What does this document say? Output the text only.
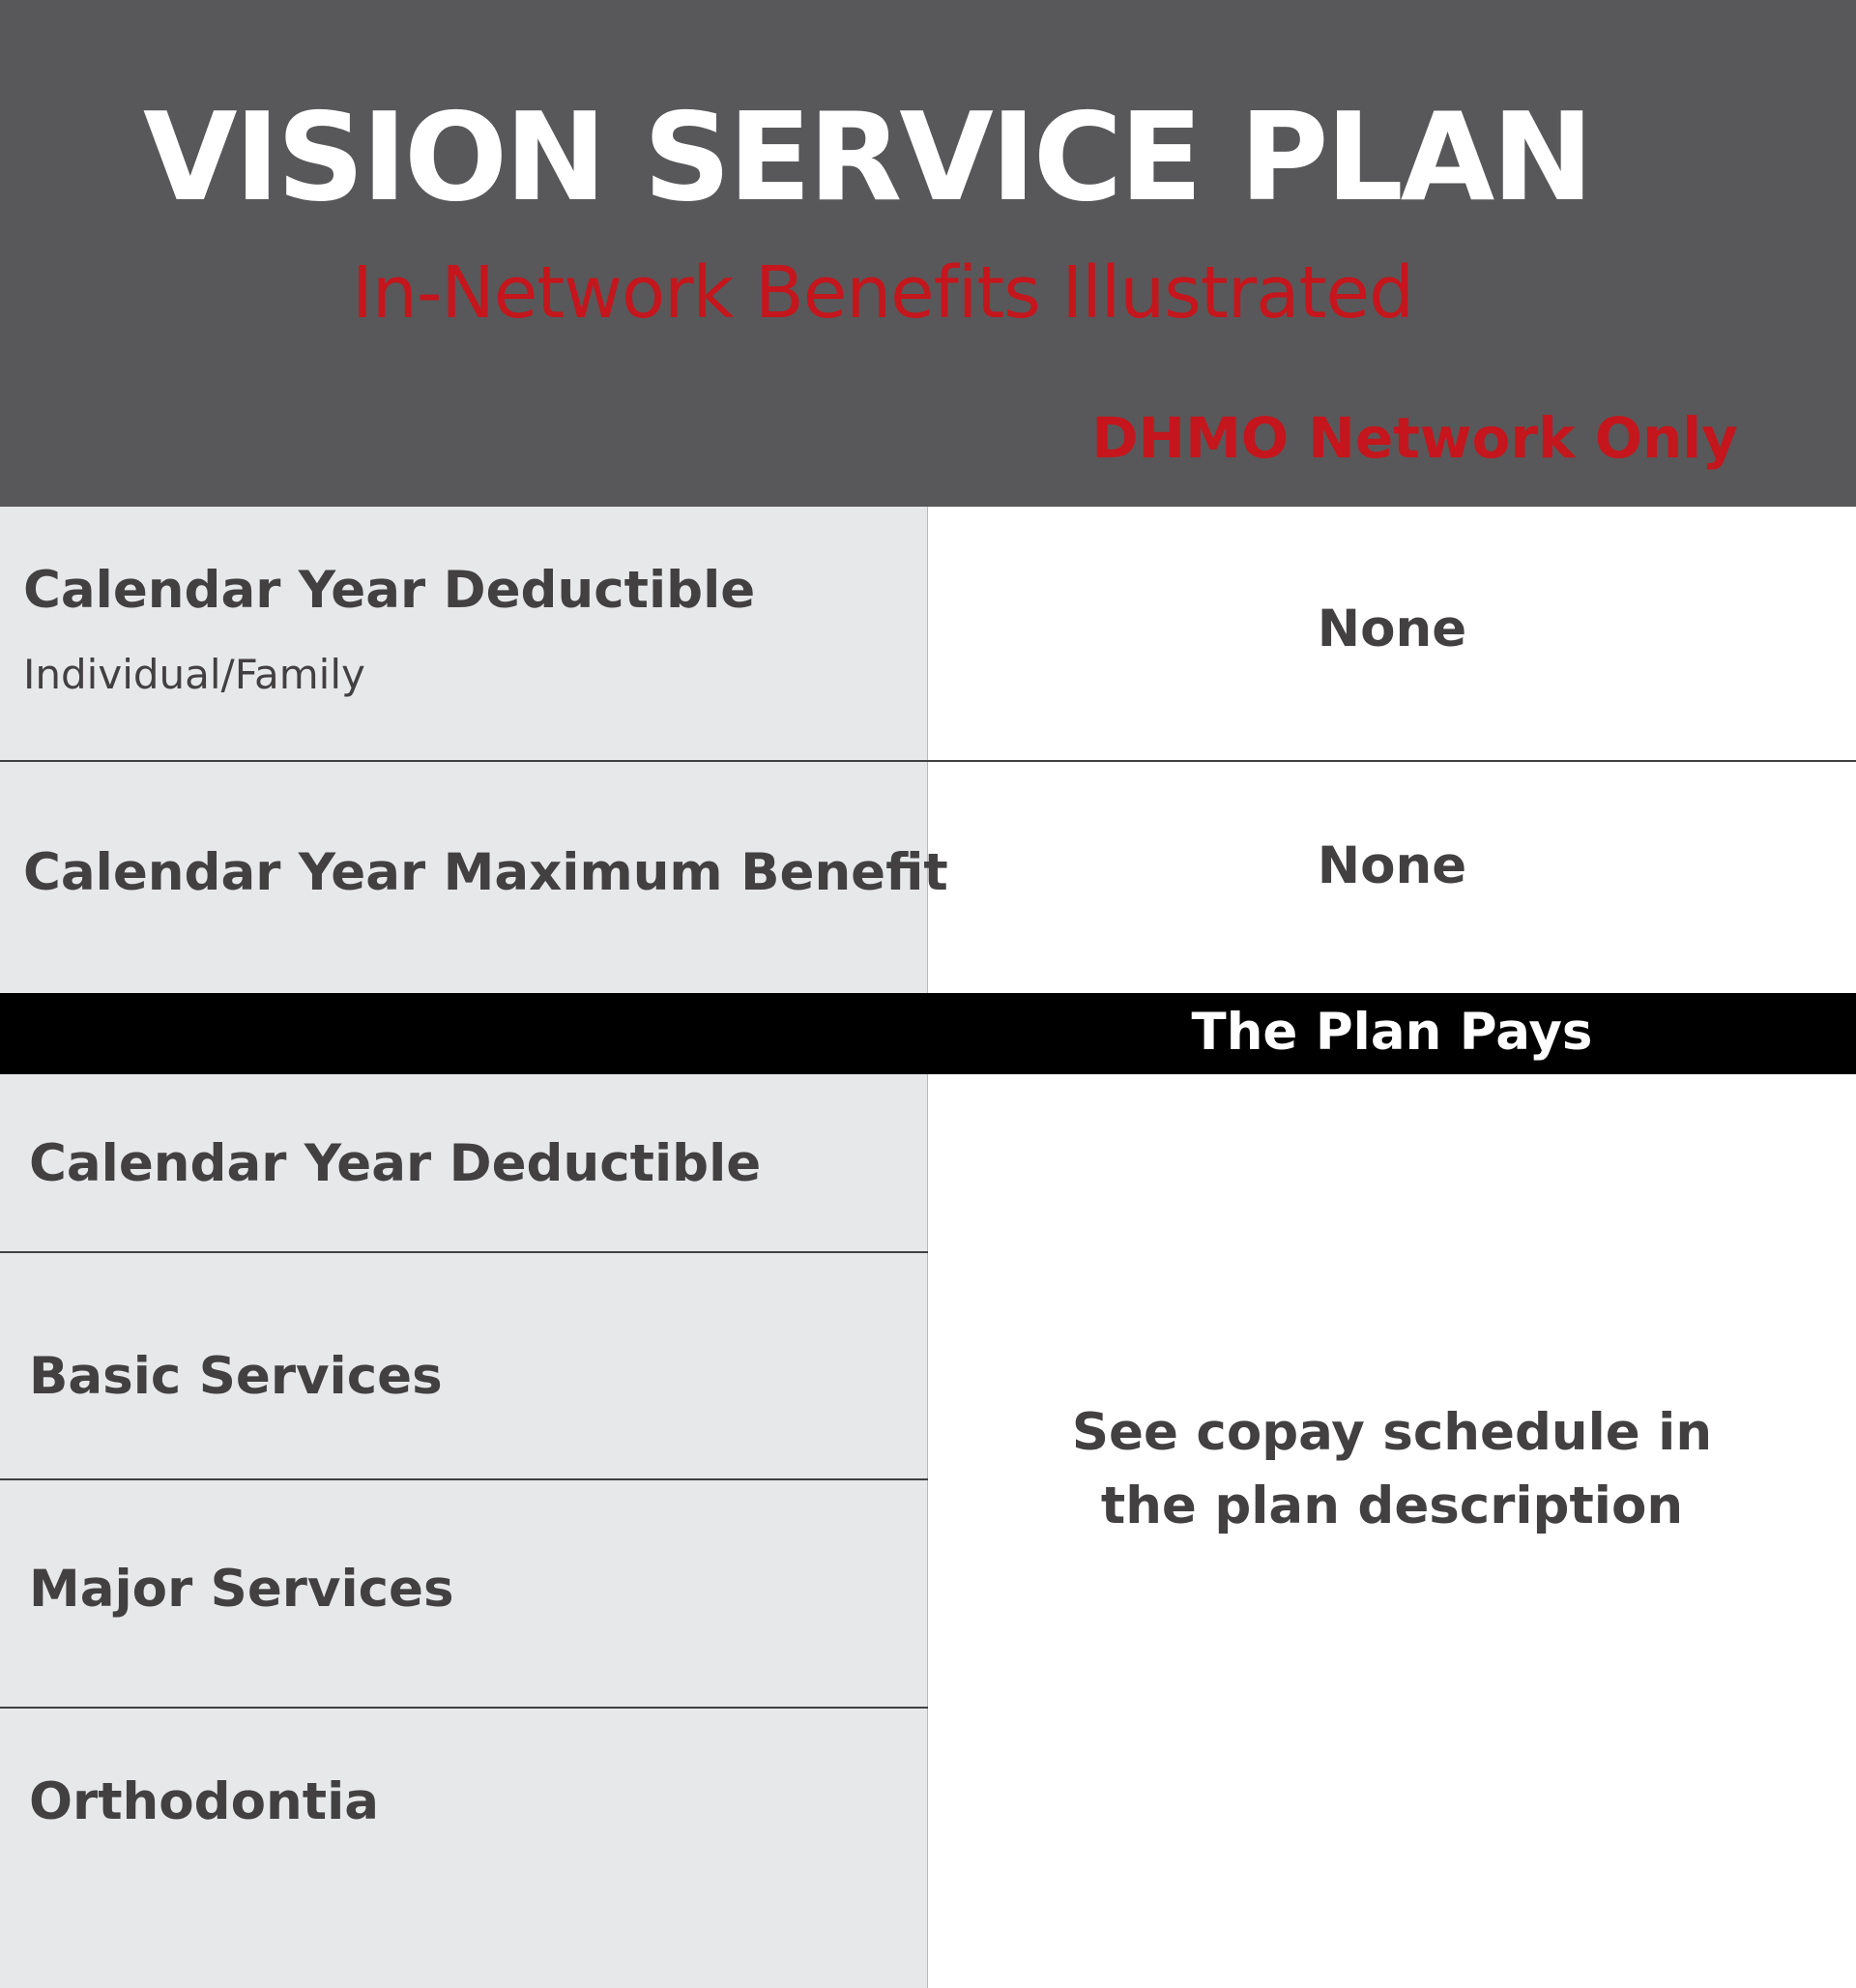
VISION SERVICE PLAN
In-Network Benefits Illustrated
DHMO Network Only
Calendar Year Deductible
Individual/Family
None
Calendar Year Maximum Benefit	None
The Plan Pays
Calendar Year Deductible
Basic Services
Major Services
Orthodontia
See copay schedule in
the plan description
